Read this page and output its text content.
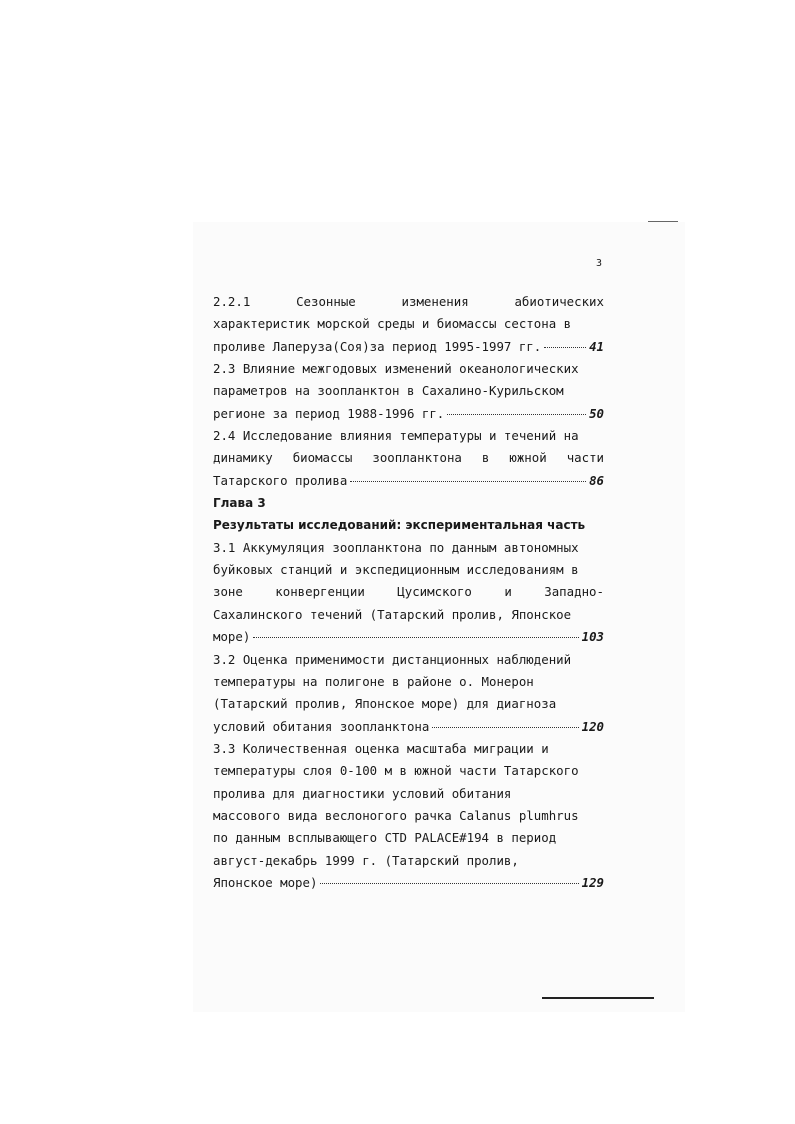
3
2.2.1	Сезонные	изменения	абиотических
характеристик морской среды и биомассы сестона в
проливе Лаперуза(Соя)за период 1995-1997 гг.	41
2.3 Влияние межгодовых изменений океанологических
параметров на зоопланктон в Сахалино-Курильском
регионе за период 1988-1996 гг.	50
2.4 Исследование влияния температуры и течений на
динамику биомассы зоопланктона в южной части
Татарского пролива	86
Глава 3
Результаты исследований: экспериментальная часть
3.1 Аккумуляция зоопланктона по данным автономных
буйковых станций и экспедиционным исследованиям в
зоне	конвергенции	Цусимского	и	Западно-
Сахалинского течений (Татарский пролив, Японское
море)	103
3.2 Оценка применимости дистанционных наблюдений
температуры на полигоне в районе о. Монерон
(Татарский пролив, Японское море) для диагноза
условий обитания зоопланктона	120
3.3 Количественная оценка масштаба миграции и
температуры слоя 0-100 м в южной части Татарского
пролива для диагностики условий обитания
массового вида веслоногого рачка Calanus plumhrus
по данным всплывающего CTD PALACE#194 в период
август-декабрь 1999 г. (Татарский пролив,
Японское море)	129
